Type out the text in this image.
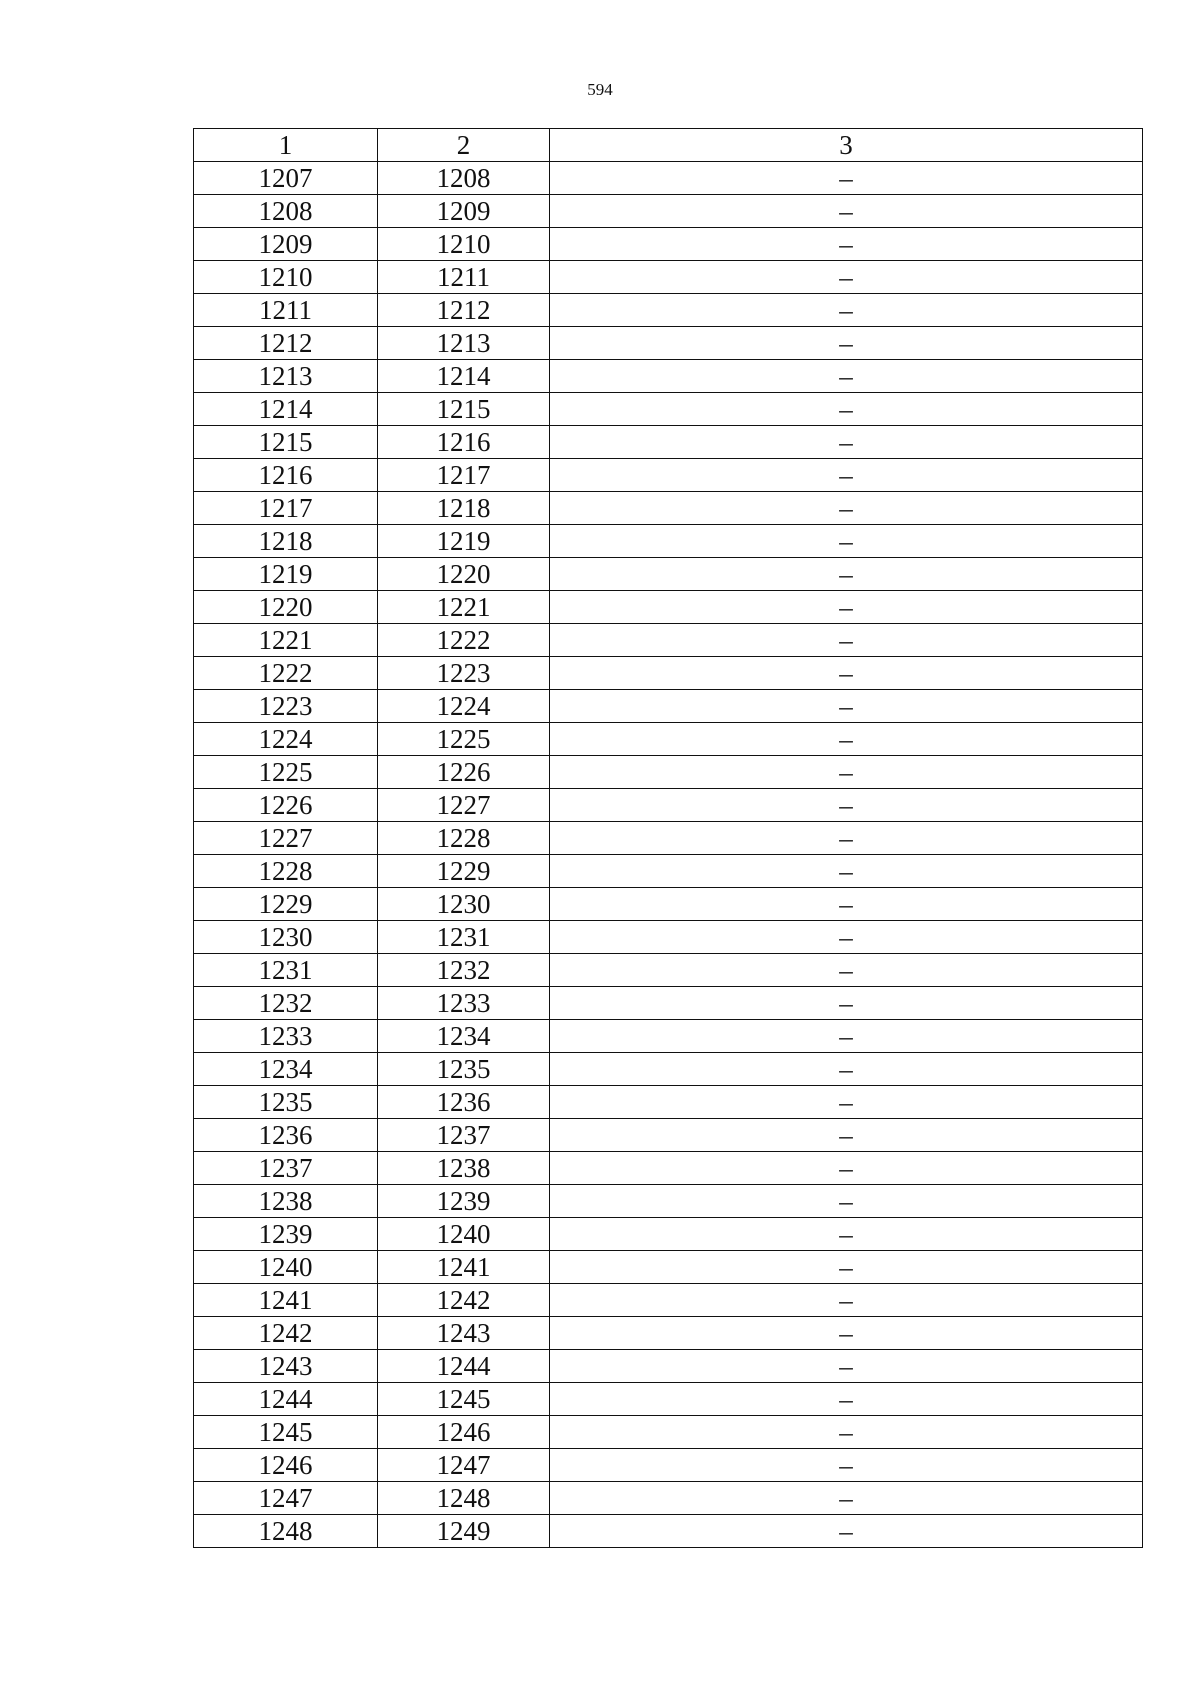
594
1	2	3
1207	1208	–
1208	1209	–
1209	1210	–
1210	1211	–
1211	1212	–
1212	1213	–
1213	1214	–
1214	1215	–
1215	1216	–
1216	1217	–
1217	1218	–
1218	1219	–
1219	1220	–
1220	1221	–
1221	1222	–
1222	1223	–
1223	1224	–
1224	1225	–
1225	1226	–
1226	1227	–
1227	1228	–
1228	1229	–
1229	1230	–
1230	1231	–
1231	1232	–
1232	1233	–
1233	1234	–
1234	1235	–
1235	1236	–
1236	1237	–
1237	1238	–
1238	1239	–
1239	1240	–
1240	1241	–
1241	1242	–
1242	1243	–
1243	1244	–
1244	1245	–
1245	1246	–
1246	1247	–
1247	1248	–
1248	1249	–
